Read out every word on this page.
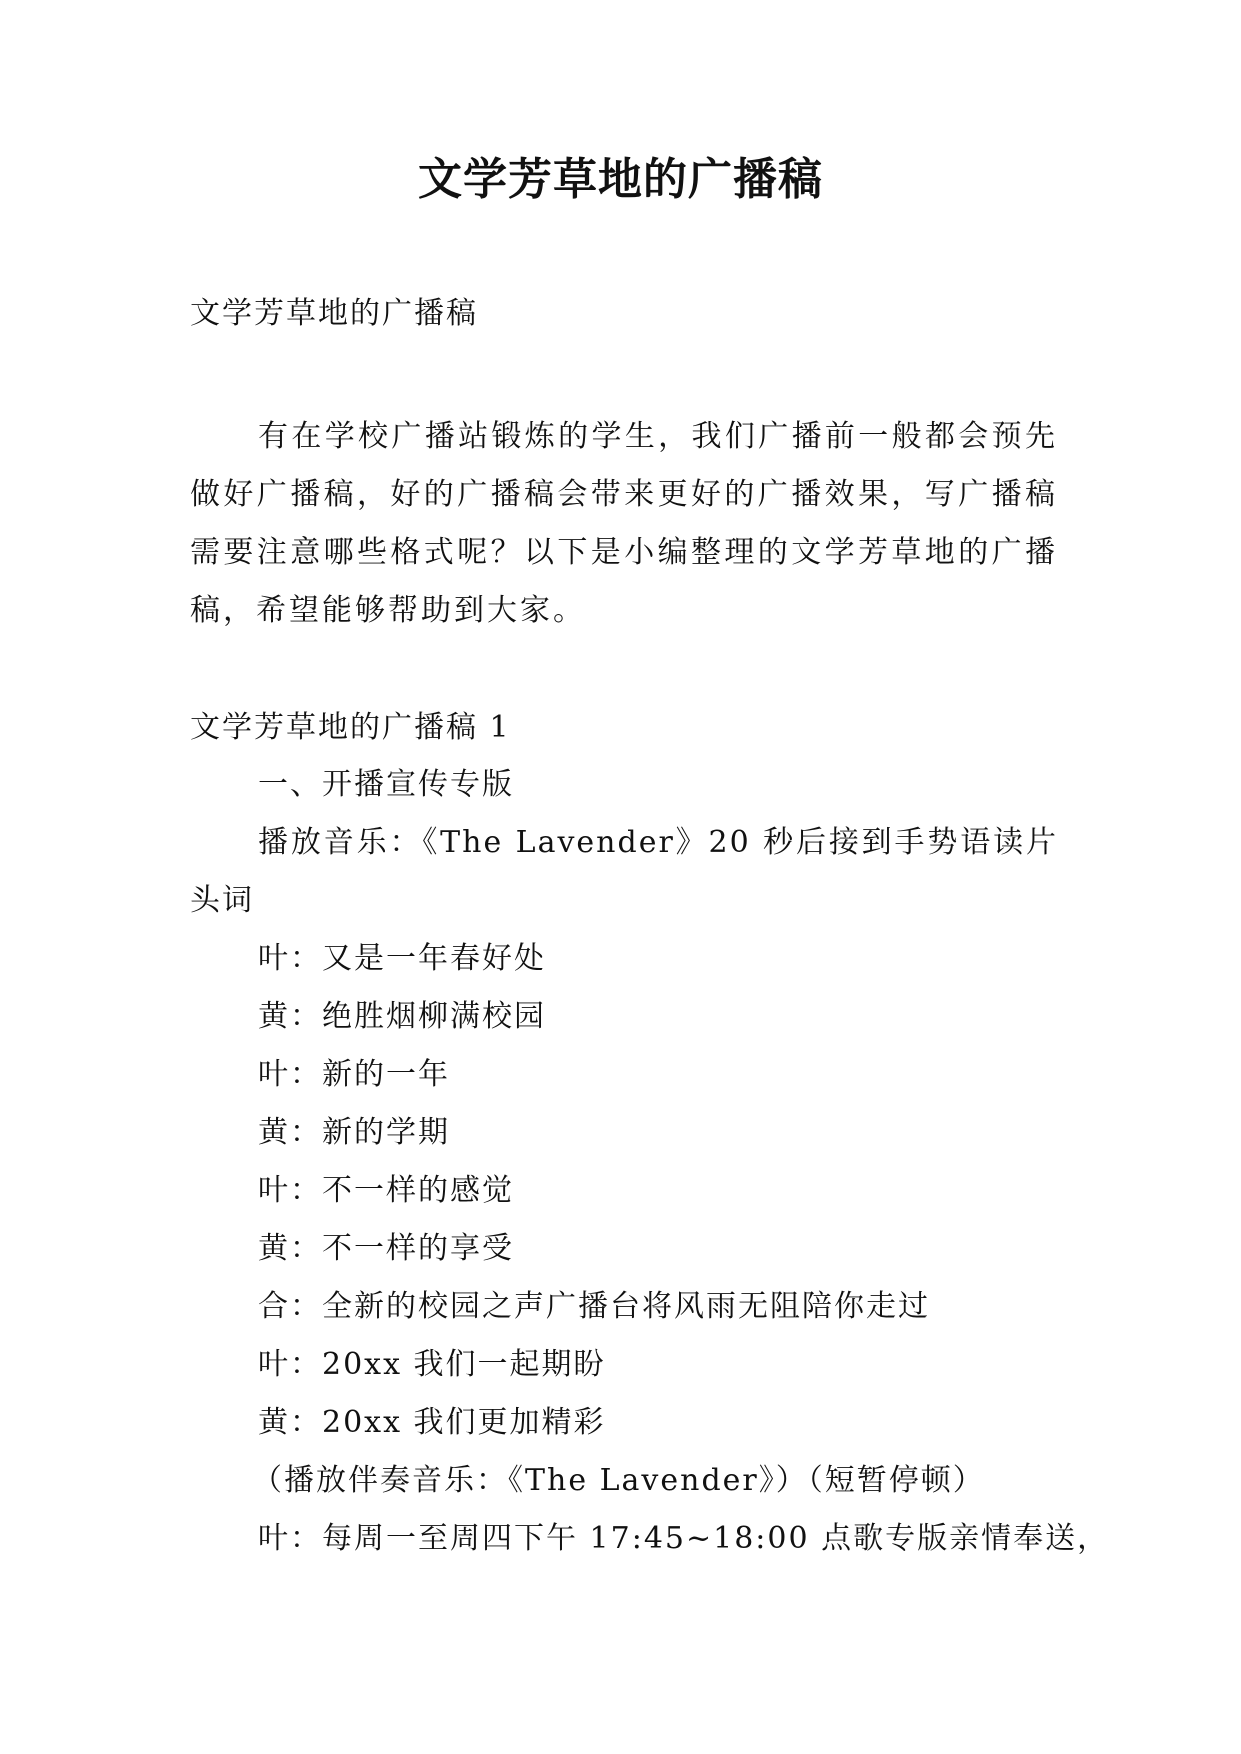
文学芳草地的广播稿
文学芳草地的广播稿
有在学校广播站锻炼的学生，我们广播前一般都会预先做好广播稿，好的广播稿会带来更好的广播效果，写广播稿需要注意哪些格式呢？以下是小编整理的文学芳草地的广播稿，希望能够帮助到大家。
文学芳草地的广播稿 1
一、开播宣传专版
播放音乐：《The Lavender》20 秒后接到手势语读片头词
叶：又是一年春好处
黄：绝胜烟柳满校园
叶：新的一年
黄：新的学期
叶：不一样的感觉
黄：不一样的享受
合：全新的校园之声广播台将风雨无阻陪你走过
叶：20xx 我们一起期盼
黄：20xx 我们更加精彩
（播放伴奏音乐：《The Lavender》）（短暂停顿）
叶：每周一至周四下午 17:45~18:00 点歌专版亲情奉送，
